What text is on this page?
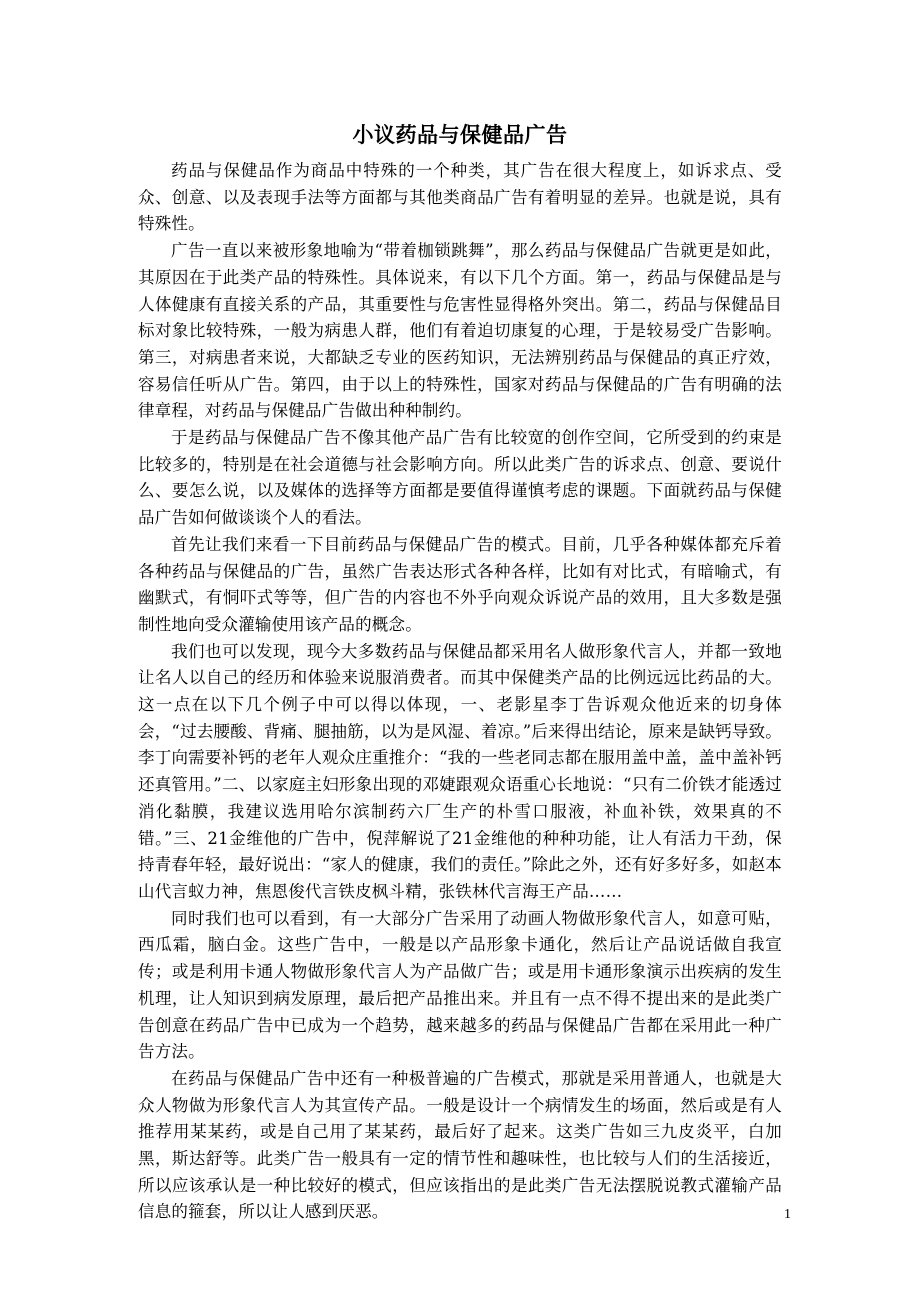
小议药品与保健品广告

药品与保健品作为商品中特殊的一个种类，其广告在很大程度上，如诉求点、受众、创意、以及表现手法等方面都与其他类商品广告有着明显的差异。也就是说，具有特殊性。

广告一直以来被形象地喻为“带着枷锁跳舞”，那么药品与保健品广告就更是如此，其原因在于此类产品的特殊性。具体说来，有以下几个方面。第一，药品与保健品是与人体健康有直接关系的产品，其重要性与危害性显得格外突出。第二，药品与保健品目标对象比较特殊，一般为病患人群，他们有着迫切康复的心理，于是较易受广告影响。第三，对病患者来说，大都缺乏专业的医药知识，无法辨别药品与保健品的真正疗效，容易信任听从广告。第四，由于以上的特殊性，国家对药品与保健品的广告有明确的法律章程，对药品与保健品广告做出种种制约。

于是药品与保健品广告不像其他产品广告有比较宽的创作空间，它所受到的约束是比较多的，特别是在社会道德与社会影响方向。所以此类广告的诉求点、创意、要说什么、要怎么说，以及媒体的选择等方面都是要值得谨慎考虑的课题。下面就药品与保健品广告如何做谈谈个人的看法。

首先让我们来看一下目前药品与保健品广告的模式。目前，几乎各种媒体都充斥着各种药品与保健品的广告，虽然广告表达形式各种各样，比如有对比式，有暗喻式，有幽默式，有恫吓式等等，但广告的内容也不外乎向观众诉说产品的效用，且大多数是强制性地向受众灌输使用该产品的概念。

我们也可以发现，现今大多数药品与保健品都采用名人做形象代言人，并都一致地让名人以自己的经历和体验来说服消费者。而其中保健类产品的比例远远比药品的大。这一点在以下几个例子中可以得以体现，一、老影星李丁告诉观众他近来的切身体会，“过去腰酸、背痛、腿抽筋，以为是风湿、着凉。”后来得出结论，原来是缺钙导致。李丁向需要补钙的老年人观众庄重推介：“我的一些老同志都在服用盖中盖，盖中盖补钙还真管用。”二、以家庭主妇形象出现的邓婕跟观众语重心长地说：“只有二价铁才能透过消化黏膜，我建议选用哈尔滨制药六厂生产的朴雪口服液，补血补铁，效果真的不错。”三、21金维他的广告中，倪萍解说了21金维他的种种功能，让人有活力干劲，保持青春年轻，最好说出：“家人的健康，我们的责任。”除此之外，还有好多好多，如赵本山代言蚁力神，焦恩俊代言铁皮枫斗精，张铁林代言海王产品……

同时我们也可以看到，有一大部分广告采用了动画人物做形象代言人，如意可贴，西瓜霜，脑白金。这些广告中，一般是以产品形象卡通化，然后让产品说话做自我宣传；或是利用卡通人物做形象代言人为产品做广告；或是用卡通形象演示出疾病的发生机理，让人知识到病发原理，最后把产品推出来。并且有一点不得不提出来的是此类广告创意在药品广告中已成为一个趋势，越来越多的药品与保健品广告都在采用此一种广告方法。

在药品与保健品广告中还有一种极普遍的广告模式，那就是采用普通人，也就是大众人物做为形象代言人为其宣传产品。一般是设计一个病情发生的场面，然后或是有人推荐用某某药，或是自己用了某某药，最后好了起来。这类广告如三九皮炎平，白加黑，斯达舒等。此类广告一般具有一定的情节性和趣味性，也比较与人们的生活接近，所以应该承认是一种比较好的模式，但应该指出的是此类广告无法摆脱说教式灌输产品信息的箍套，所以让人感到厌恶。	1
